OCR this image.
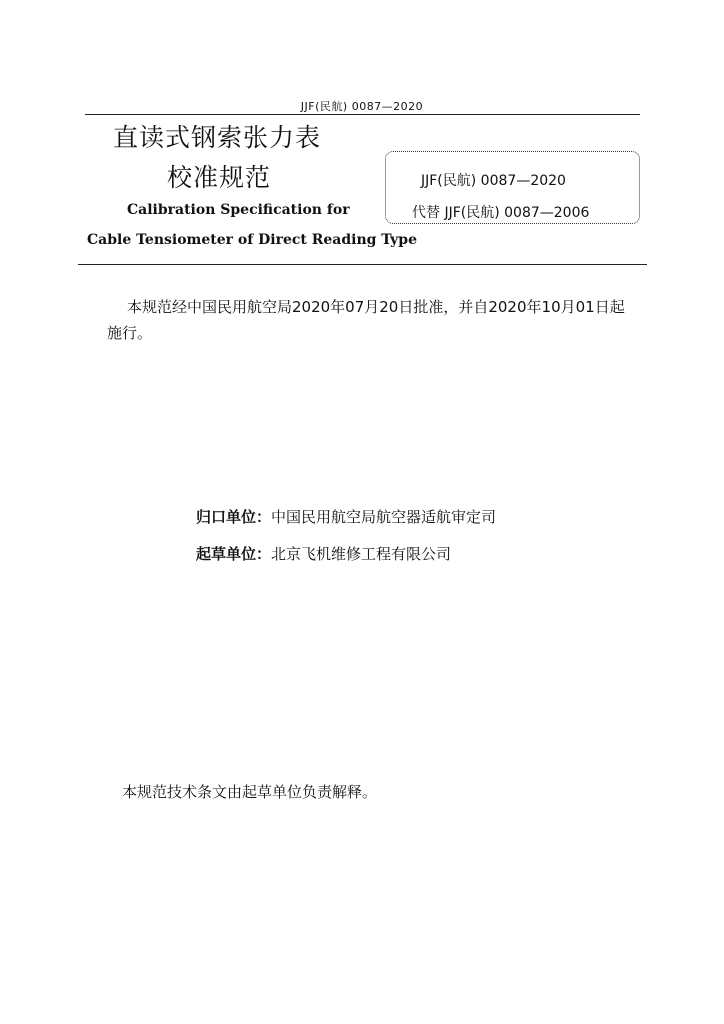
JJF(民航) 0087—2020
直读式钢索张力表
校准规范
Calibration Specification for
Cable Tensiometer of Direct Reading Type
JJF(民航) 0087—2020
代替 JJF(民航) 0087—2006
本规范经中国民用航空局2020年07月20日批准，并自2020年10月01日起
施行。
归口单位：中国民用航空局航空器适航审定司
起草单位：北京飞机维修工程有限公司
本规范技术条文由起草单位负责解释。
